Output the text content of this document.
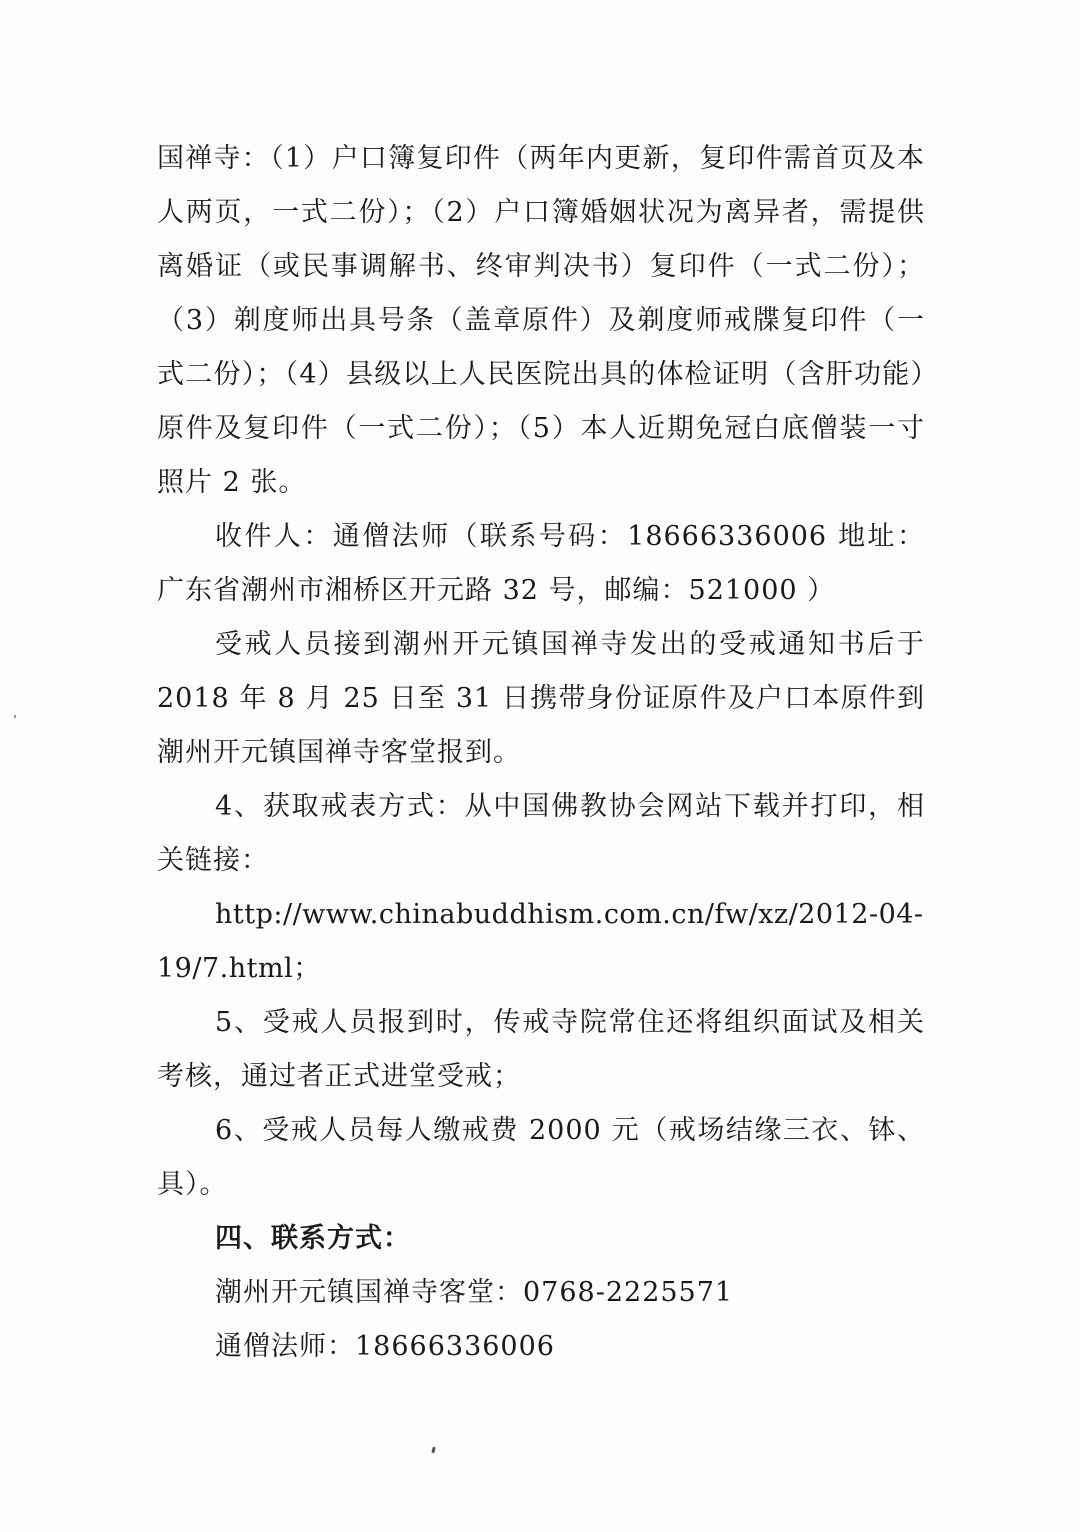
国禅寺：（1）户口簿复印件（两年内更新，复印件需首页及本人两页，一式二份）；（2）户口簿婚姻状况为离异者，需提供离婚证（或民事调解书、终审判决书）复印件（一式二份）；（3）剃度师出具号条（盖章原件）及剃度师戒牒复印件（一式二份）；（4）县级以上人民医院出具的体检证明（含肝功能）原件及复印件（一式二份）；（5）本人近期免冠白底僧装一寸照片 2 张。

收件人：通僧法师（联系号码：18666336006 地址：广东省潮州市湘桥区开元路 32 号，邮编：521000 ）

受戒人员接到潮州开元镇国禅寺发出的受戒通知书后于 2018 年 8 月 25 日至 31 日携带身份证原件及户口本原件到潮州开元镇国禅寺客堂报到。

4、获取戒表方式：从中国佛教协会网站下载并打印，相关链接：

http://www.chinabuddhism.com.cn/fw/xz/2012-04-19/7.html；

5、受戒人员报到时，传戒寺院常住还将组织面试及相关考核，通过者正式进堂受戒；

6、受戒人员每人缴戒费 2000 元（戒场结缘三衣、钵、具）。

四、联系方式：

潮州开元镇国禅寺客堂：0768-2225571

通僧法师：18666336006
